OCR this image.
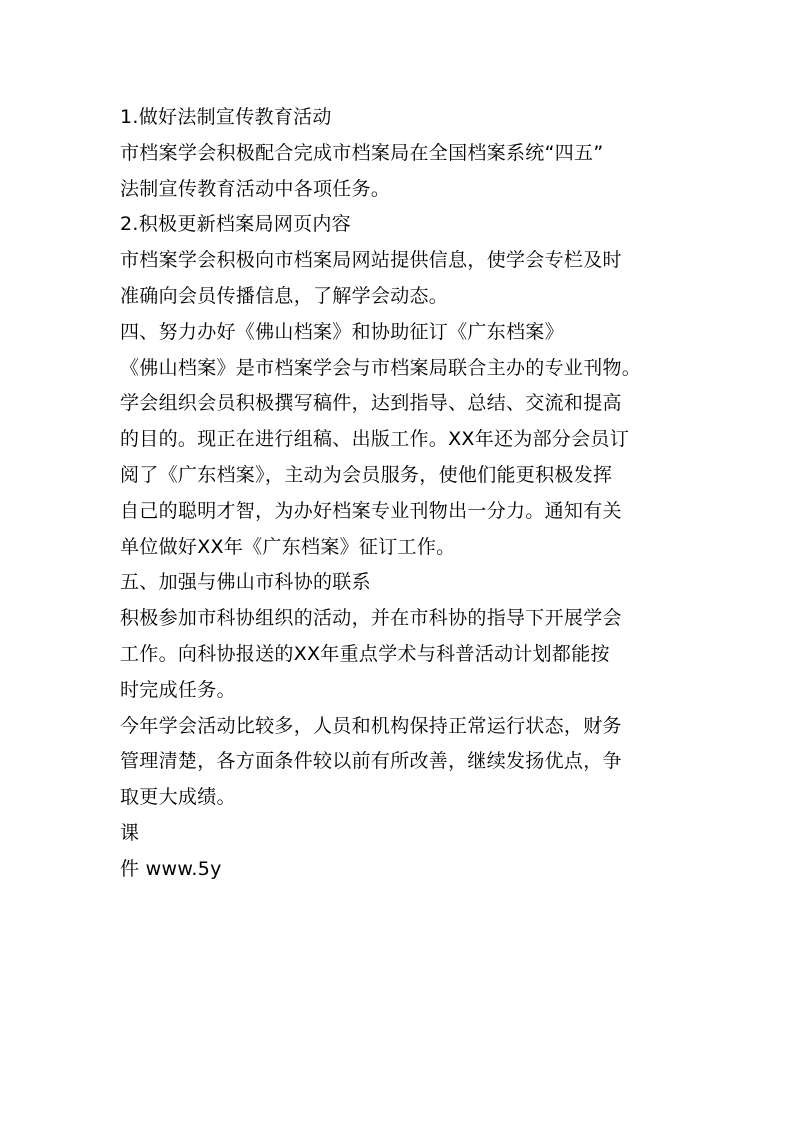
1.做好法制宣传教育活动
市档案学会积极配合完成市档案局在全国档案系统“四五”
法制宣传教育活动中各项任务。
2.积极更新档案局网页内容
市档案学会积极向市档案局网站提供信息，使学会专栏及时
准确向会员传播信息，了解学会动态。
四、努力办好《佛山档案》和协助征订《广东档案》
《佛山档案》是市档案学会与市档案局联合主办的专业刊物。
学会组织会员积极撰写稿件，达到指导、总结、交流和提高
的目的。现正在进行组稿、出版工作。XX年还为部分会员订
阅了《广东档案》，主动为会员服务，使他们能更积极发挥
自己的聪明才智，为办好档案专业刊物出一分力。通知有关
单位做好XX年《广东档案》征订工作。
五、加强与佛山市科协的联系
积极参加市科协组织的活动，并在市科协的指导下开展学会
工作。向科协报送的XX年重点学术与科普活动计划都能按
时完成任务。
今年学会活动比较多，人员和机构保持正常运行状态，财务
管理清楚，各方面条件较以前有所改善，继续发扬优点，争
取更大成绩。
课
件 www.5y
